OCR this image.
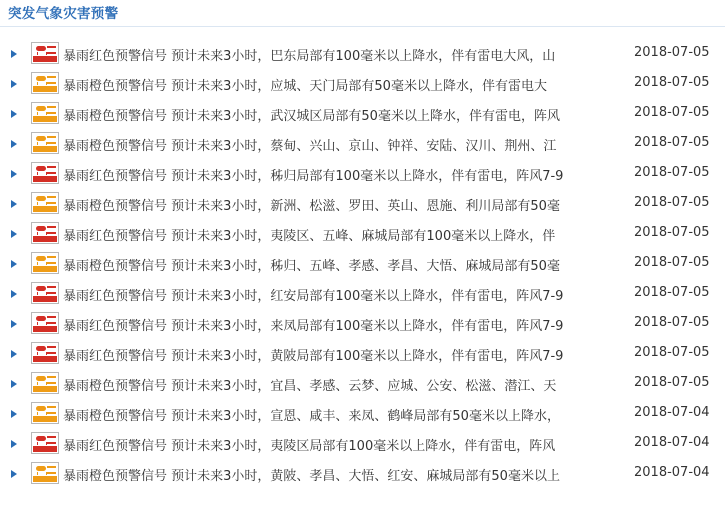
突发气象灾害预警
暴雨红色预警信号 预计未来3小时，巴东局部有100毫米以上降水，伴有雷电大风，山	2018-07-05
暴雨橙色预警信号 预计未来3小时，应城、天门局部有50毫米以上降水，伴有雷电大	2018-07-05
暴雨橙色预警信号 预计未来3小时，武汉城区局部有50毫米以上降水，伴有雷电，阵风	2018-07-05
暴雨橙色预警信号 预计未来3小时，蔡甸、兴山、京山、钟祥、安陆、汉川、荆州、江	2018-07-05
暴雨红色预警信号 预计未来3小时，秭归局部有100毫米以上降水，伴有雷电，阵风7-9	2018-07-05
暴雨橙色预警信号 预计未来3小时，新洲、松滋、罗田、英山、恩施、利川局部有50毫	2018-07-05
暴雨红色预警信号 预计未来3小时，夷陵区、五峰、麻城局部有100毫米以上降水，伴	2018-07-05
暴雨橙色预警信号 预计未来3小时，秭归、五峰、孝感、孝昌、大悟、麻城局部有50毫	2018-07-05
暴雨红色预警信号 预计未来3小时，红安局部有100毫米以上降水，伴有雷电，阵风7-9	2018-07-05
暴雨红色预警信号 预计未来3小时，来凤局部有100毫米以上降水，伴有雷电，阵风7-9	2018-07-05
暴雨红色预警信号 预计未来3小时，黄陂局部有100毫米以上降水，伴有雷电，阵风7-9	2018-07-05
暴雨橙色预警信号 预计未来3小时，宜昌、孝感、云梦、应城、公安、松滋、潜江、天	2018-07-05
暴雨橙色预警信号 预计未来3小时，宣恩、咸丰、来凤、鹤峰局部有50毫米以上降水，	2018-07-04
暴雨红色预警信号 预计未来3小时，夷陵区局部有100毫米以上降水，伴有雷电，阵风	2018-07-04
暴雨橙色预警信号 预计未来3小时，黄陂、孝昌、大悟、红安、麻城局部有50毫米以上	2018-07-04
